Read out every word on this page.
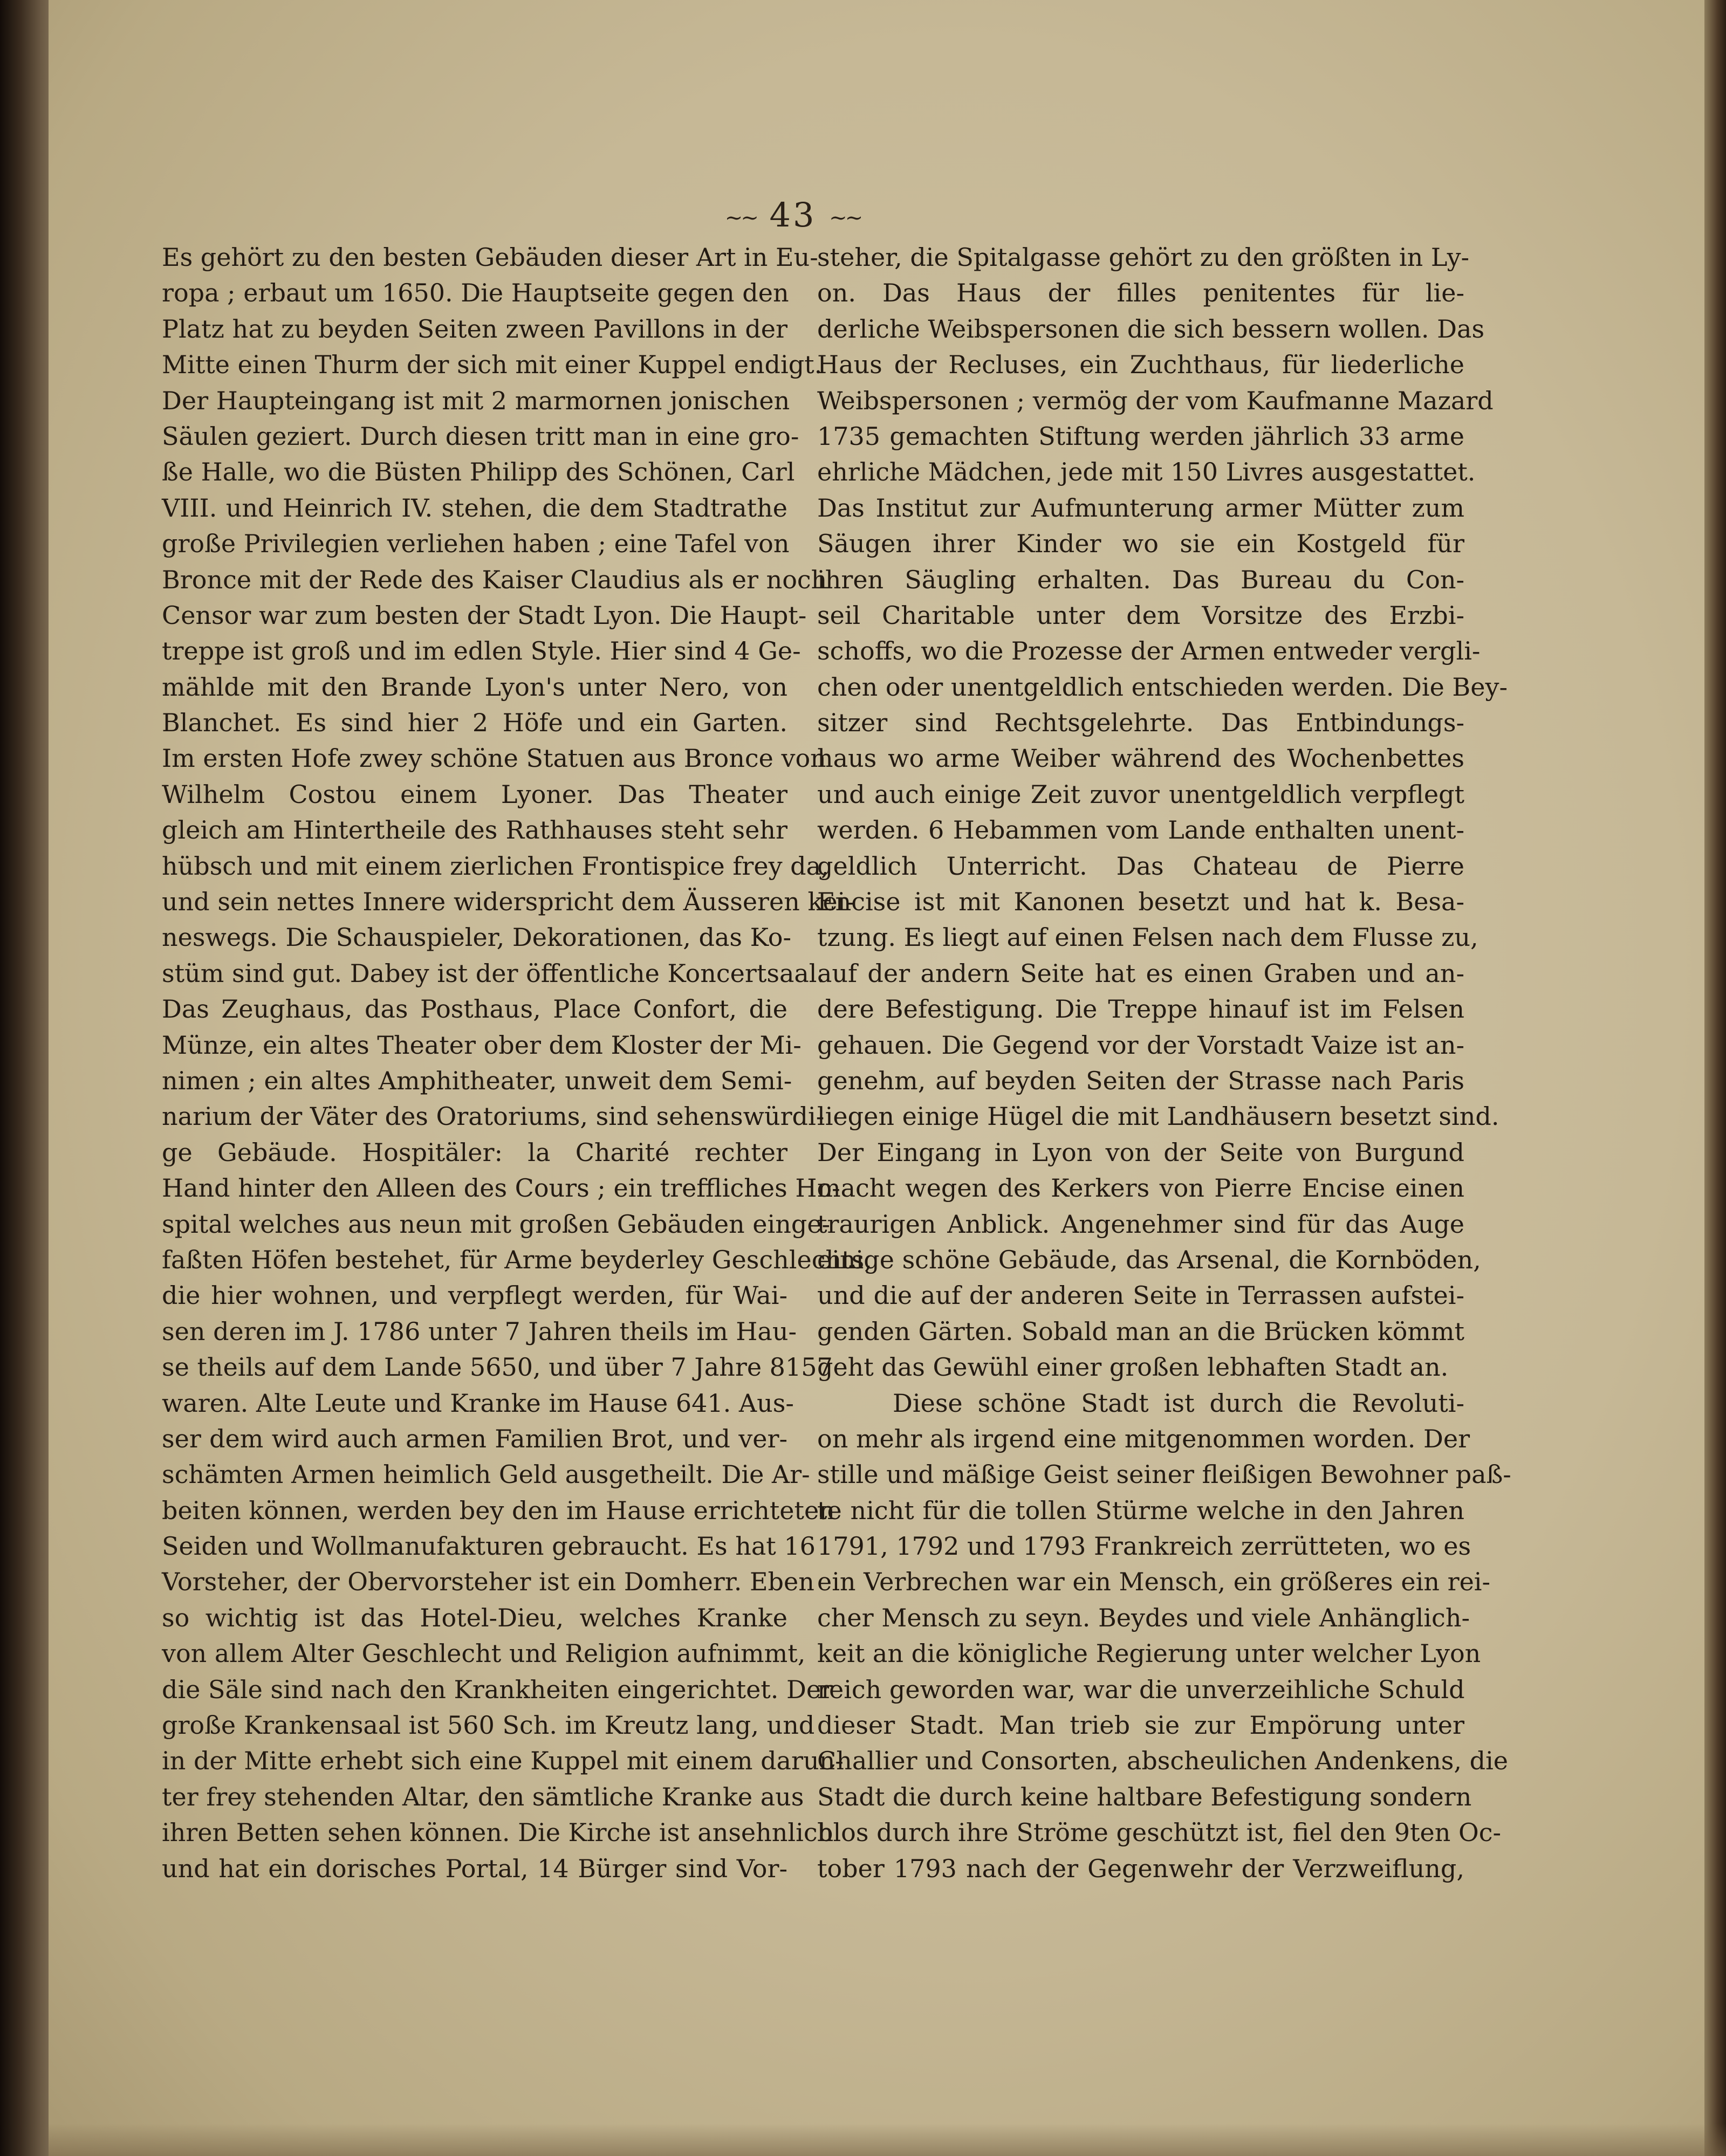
~~ 43 ~~
Es gehört zu den besten Gebäuden dieser Art in Eu-
ropa ; erbaut um 1650. Die Hauptseite gegen den
Platz hat zu beyden Seiten zween Pavillons in der
Mitte einen Thurm der sich mit einer Kuppel endigt.
Der Haupteingang ist mit 2 marmornen jonischen
Säulen geziert. Durch diesen tritt man in eine gro-
ße Halle, wo die Büsten Philipp des Schönen, Carl
VIII. und Heinrich IV. stehen, die dem Stadtrathe
große Privilegien verliehen haben ; eine Tafel von
Bronce mit der Rede des Kaiser Claudius als er noch
Censor war zum besten der Stadt Lyon. Die Haupt-
treppe ist groß und im edlen Style. Hier sind 4 Ge-
mählde mit den Brande Lyon's unter Nero, von
Blanchet. Es sind hier 2 Höfe und ein Garten.
Im ersten Hofe zwey schöne Statuen aus Bronce von
Wilhelm Costou einem Lyoner. Das Theater
gleich am Hintertheile des Rathhauses steht sehr
hübsch und mit einem zierlichen Frontispice frey da,
und sein nettes Innere widerspricht dem Äusseren kei-
neswegs. Die Schauspieler, Dekorationen, das Ko-
stüm sind gut. Dabey ist der öffentliche Koncertsaal.
Das Zeughaus, das Posthaus, Place Confort, die
Münze, ein altes Theater ober dem Kloster der Mi-
nimen ; ein altes Amphitheater, unweit dem Semi-
narium der Väter des Oratoriums, sind sehenswürdi-
ge Gebäude. Hospitäler: la Charité rechter
Hand hinter den Alleen des Cours ; ein treffliches Ho-
spital welches aus neun mit großen Gebäuden einge-
faßten Höfen bestehet, für Arme beyderley Geschlechts,
die hier wohnen, und verpflegt werden, für Wai-
sen deren im J. 1786 unter 7 Jahren theils im Hau-
se theils auf dem Lande 5650, und über 7 Jahre 8157
waren. Alte Leute und Kranke im Hause 641. Aus-
ser dem wird auch armen Familien Brot, und ver-
schämten Armen heimlich Geld ausgetheilt. Die Ar-
beiten können, werden bey den im Hause errichteten
Seiden und Wollmanufakturen gebraucht. Es hat 16
Vorsteher, der Obervorsteher ist ein Domherr. Eben
so wichtig ist das Hotel-Dieu, welches Kranke
von allem Alter Geschlecht und Religion aufnimmt,
die Säle sind nach den Krankheiten eingerichtet. Der
große Krankensaal ist 560 Sch. im Kreutz lang, und
in der Mitte erhebt sich eine Kuppel mit einem darun-
ter frey stehenden Altar, den sämtliche Kranke aus
ihren Betten sehen können. Die Kirche ist ansehnlich
und hat ein dorisches Portal, 14 Bürger sind Vor-
steher, die Spitalgasse gehört zu den größten in Ly-
on. Das Haus der filles penitentes für lie-
derliche Weibspersonen die sich bessern wollen. Das
Haus der Recluses, ein Zuchthaus, für liederliche
Weibspersonen ; vermög der vom Kaufmanne Mazard
1735 gemachten Stiftung werden jährlich 33 arme
ehrliche Mädchen, jede mit 150 Livres ausgestattet.
Das Institut zur Aufmunterung armer Mütter zum
Säugen ihrer Kinder wo sie ein Kostgeld für
ihren Säugling erhalten. Das Bureau du Con-
seil Charitable unter dem Vorsitze des Erzbi-
schoffs, wo die Prozesse der Armen entweder vergli-
chen oder unentgeldlich entschieden werden. Die Bey-
sitzer sind Rechtsgelehrte. Das Entbindungs-
haus wo arme Weiber während des Wochenbettes
und auch einige Zeit zuvor unentgeldlich verpflegt
werden. 6 Hebammen vom Lande enthalten unent-
geldlich Unterricht. Das Chateau de Pierre
Encise ist mit Kanonen besetzt und hat k. Besa-
tzung. Es liegt auf einen Felsen nach dem Flusse zu,
auf der andern Seite hat es einen Graben und an-
dere Befestigung. Die Treppe hinauf ist im Felsen
gehauen. Die Gegend vor der Vorstadt Vaize ist an-
genehm, auf beyden Seiten der Strasse nach Paris
liegen einige Hügel die mit Landhäusern besetzt sind.
Der Eingang in Lyon von der Seite von Burgund
macht wegen des Kerkers von Pierre Encise einen
traurigen Anblick. Angenehmer sind für das Auge
einige schöne Gebäude, das Arsenal, die Kornböden,
und die auf der anderen Seite in Terrassen aufstei-
genden Gärten. Sobald man an die Brücken kömmt
geht das Gewühl einer großen lebhaften Stadt an.
Diese schöne Stadt ist durch die Revoluti-
on mehr als irgend eine mitgenommen worden. Der
stille und mäßige Geist seiner fleißigen Bewohner paß-
te nicht für die tollen Stürme welche in den Jahren
1791, 1792 und 1793 Frankreich zerrütteten, wo es
ein Verbrechen war ein Mensch, ein größeres ein rei-
cher Mensch zu seyn. Beydes und viele Anhänglich-
keit an die königliche Regierung unter welcher Lyon
reich geworden war, war die unverzeihliche Schuld
dieser Stadt. Man trieb sie zur Empörung unter
Challier und Consorten, abscheulichen Andenkens, die
Stadt die durch keine haltbare Befestigung sondern
blos durch ihre Ströme geschützt ist, fiel den 9ten Oc-
tober 1793 nach der Gegenwehr der Verzweiflung,
